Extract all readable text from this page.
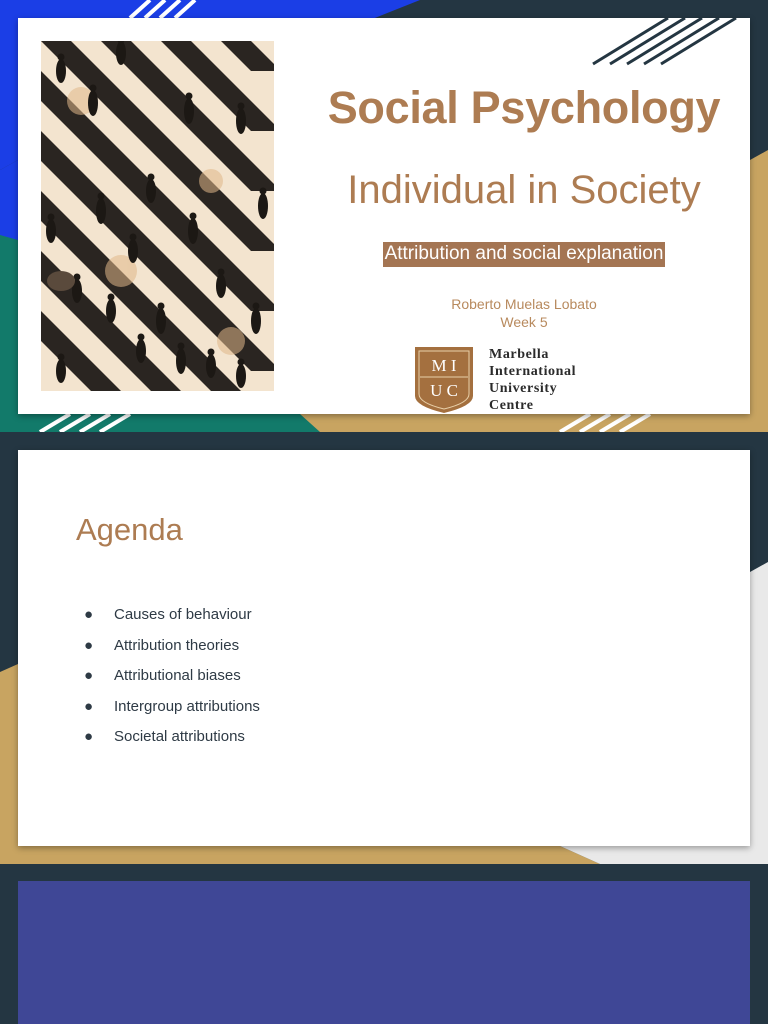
Social Psychology
Individual in Society
Attribution and social explanation
Roberto Muelas Lobato
Week 5
M I
U C
Marbella
International
University
Centre
Agenda
● Causes of behaviour
● Attribution theories
● Attributional biases
● Intergroup attributions
● Societal attributions
